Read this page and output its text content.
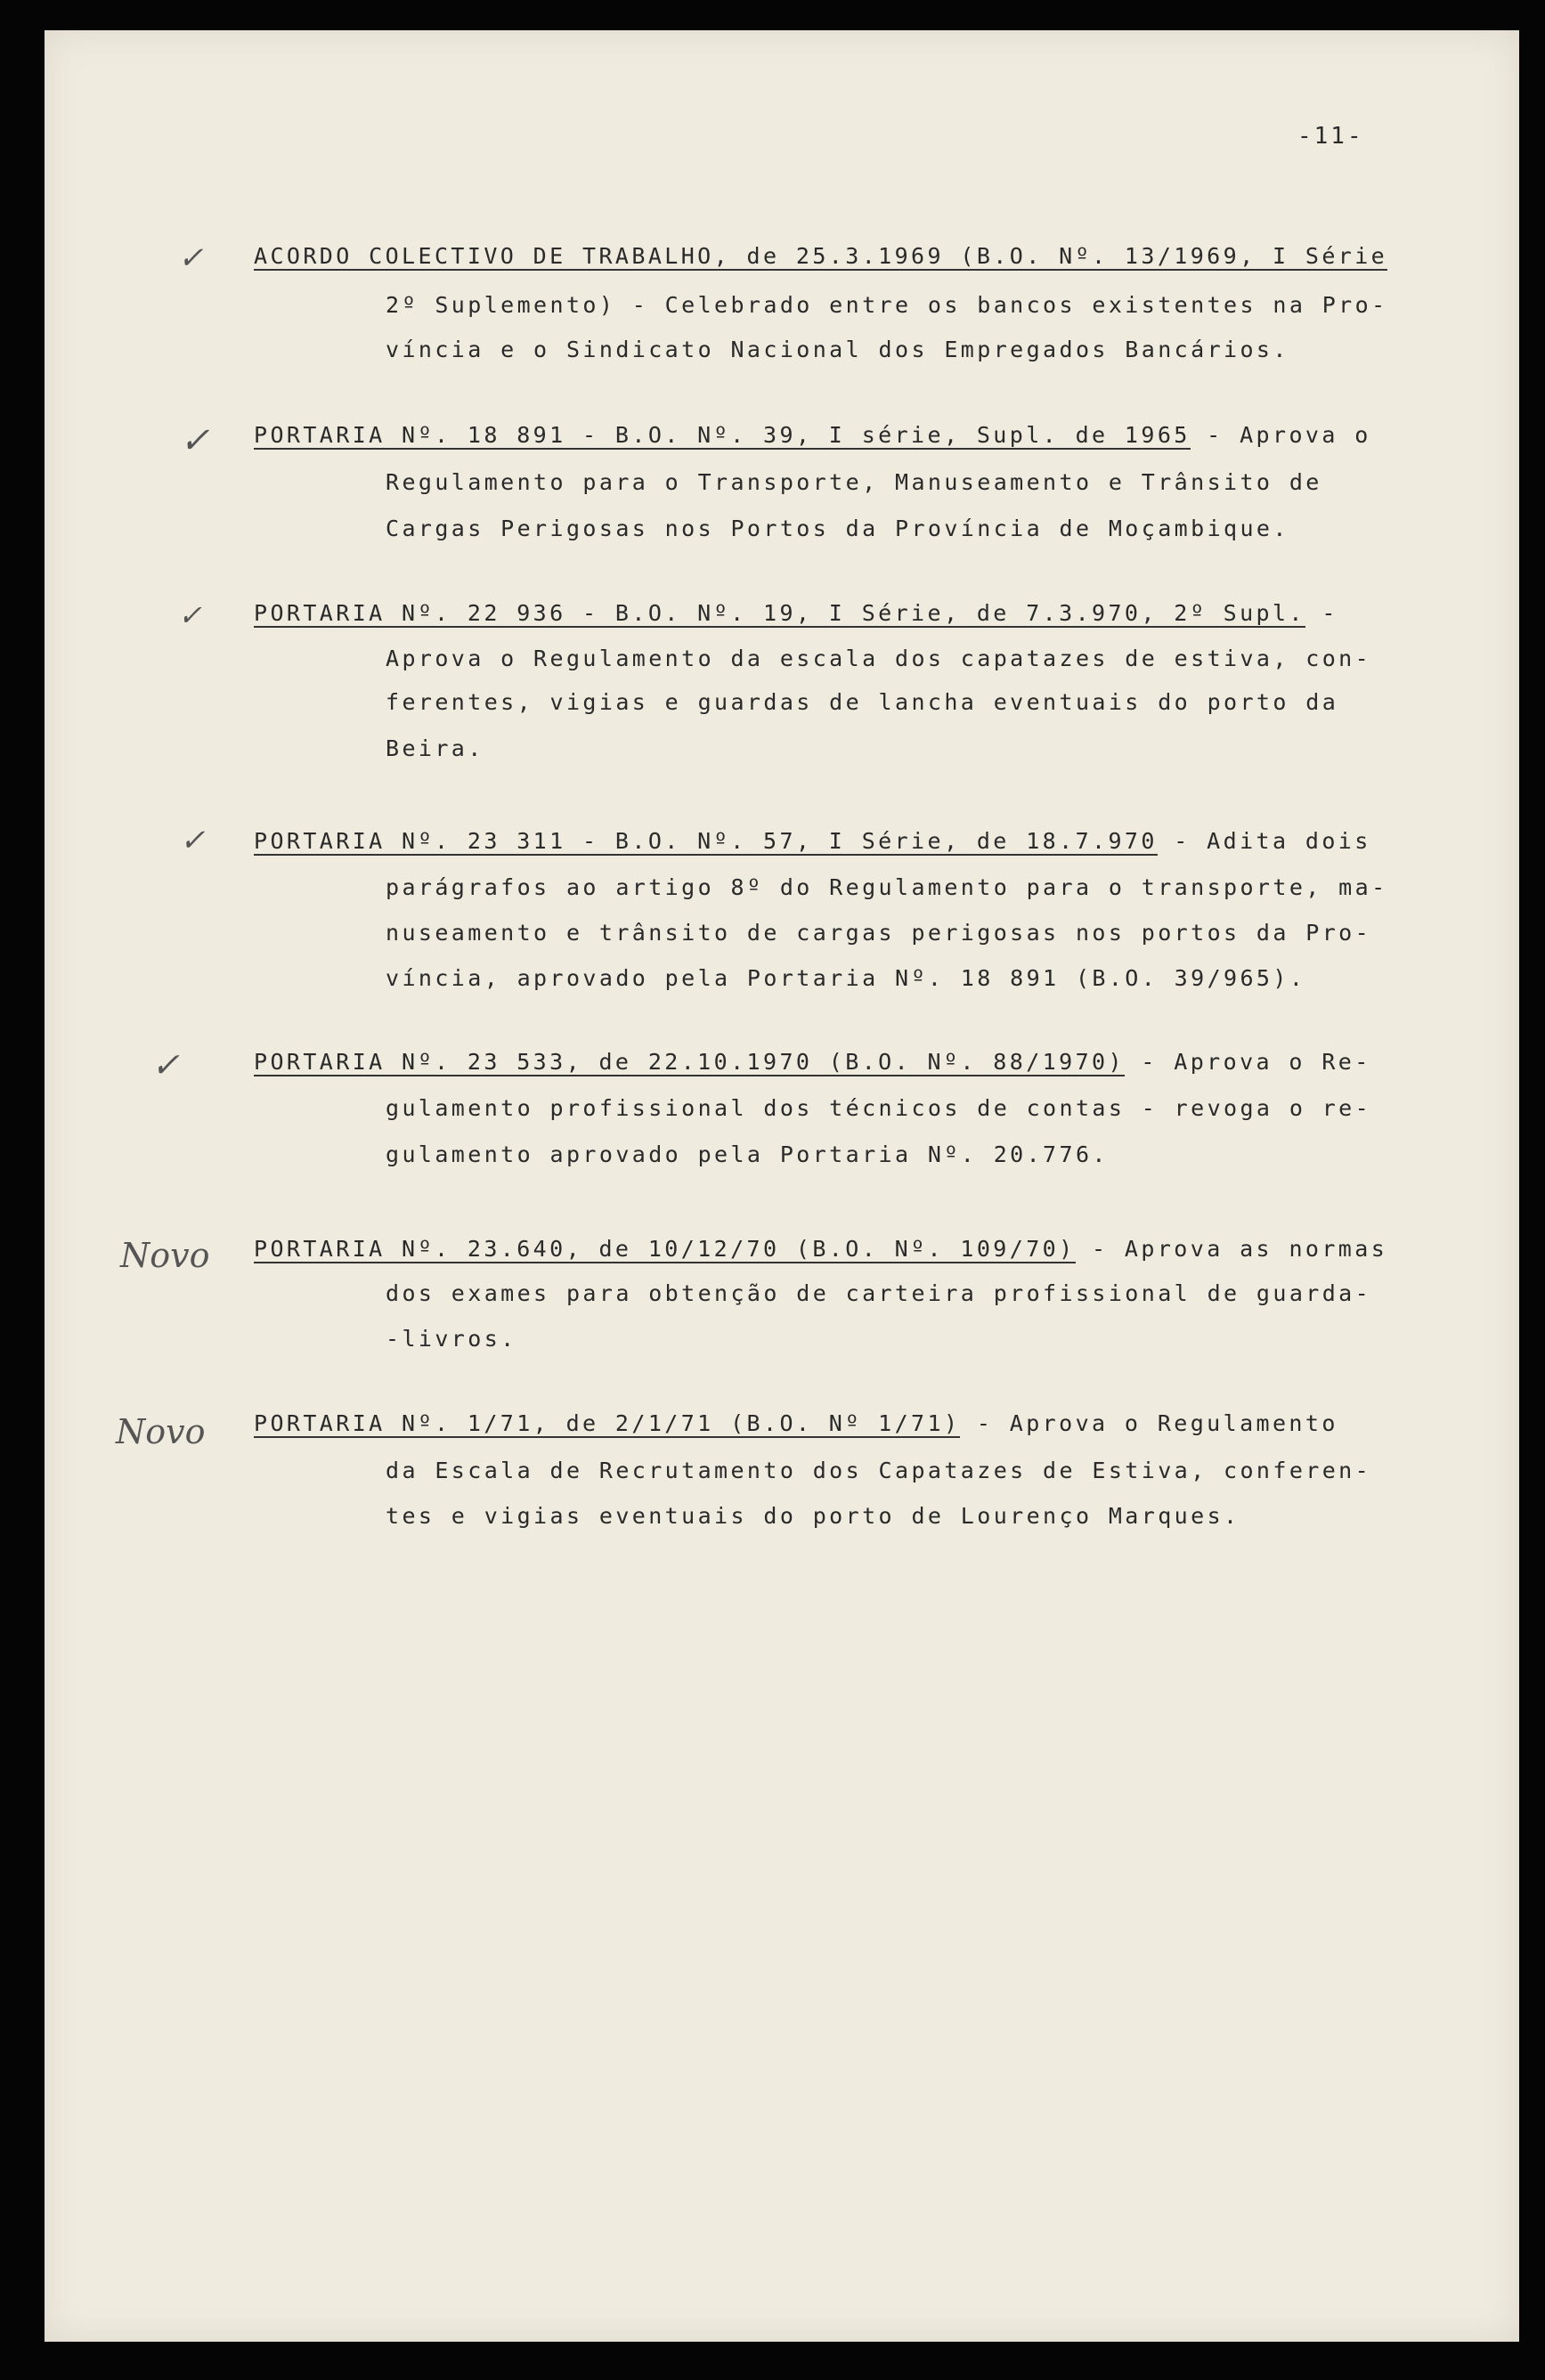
-11-
✓
✓
✓
✓
✓
Novo
Novo
ACORDO COLECTIVO DE TRABALHO, de 25.3.1969 (B.O. Nº. 13/1969, I Série
2º Suplemento) - Celebrado entre os bancos existentes na Pro-
víncia e o Sindicato Nacional dos Empregados Bancários.
PORTARIA Nº. 18 891 - B.O. Nº. 39, I série, Supl. de 1965 - Aprova o
Regulamento para o Transporte, Manuseamento e Trânsito de
Cargas Perigosas nos Portos da Província de Moçambique.
PORTARIA Nº. 22 936 - B.O. Nº. 19, I Série, de 7.3.970, 2º Supl. -
Aprova o Regulamento da escala dos capatazes de estiva, con-
ferentes, vigias e guardas de lancha eventuais do porto da
Beira.
PORTARIA Nº. 23 311 - B.O. Nº. 57, I Série, de 18.7.970 - Adita dois
parágrafos ao artigo 8º do Regulamento para o transporte, ma-
nuseamento e trânsito de cargas perigosas nos portos da Pro-
víncia, aprovado pela Portaria Nº. 18 891 (B.O. 39/965).
PORTARIA Nº. 23 533, de 22.10.1970 (B.O. Nº. 88/1970) - Aprova o Re-
gulamento profissional dos técnicos de contas - revoga o re-
gulamento aprovado pela Portaria Nº. 20.776.
PORTARIA Nº. 23.640, de 10/12/70 (B.O. Nº. 109/70) - Aprova as normas
dos exames para obtenção de carteira profissional de guarda-
-livros.
PORTARIA Nº. 1/71, de 2/1/71 (B.O. Nº 1/71) - Aprova o Regulamento
da Escala de Recrutamento dos Capatazes de Estiva, conferen-
tes e vigias eventuais do porto de Lourenço Marques.
